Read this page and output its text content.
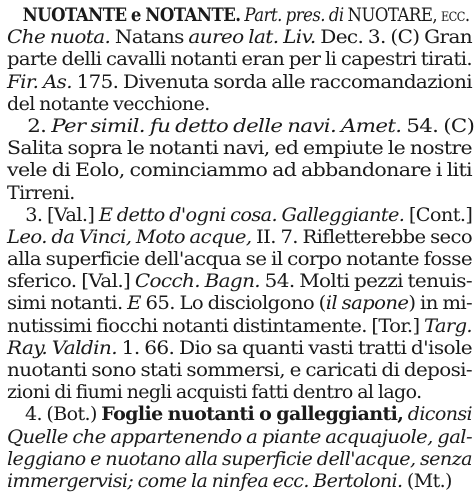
NUOTANTE e NOTANTE. Part. pres. di NUOTARE, ecc.
Che nuota. Natans aureo lat. Liv. Dec. 3. (C) Gran
parte delli cavalli notanti eran per li capestri tirati.
Fir. As. 175. Divenuta sorda alle raccomandazioni
del notante vecchione.
2. Per simil. fu detto delle navi. Amet. 54. (C)
Salita sopra le notanti navi, ed empiute le nostre
vele di Eolo, cominciammo ad abbandonare i liti
Tirreni.
3. [Val.] E detto d'ogni cosa. Galleggiante. [Cont.]
Leo. da Vinci, Moto acque, II. 7. Rifletterebbe seco
alla superficie dell'acqua se il corpo notante fosse
sferico. [Val.] Cocch. Bagn. 54. Molti pezzi tenuis-
simi notanti. E 65. Lo disciolgono (il sapone) in mi-
nutissimi fiocchi notanti distintamente. [Tor.] Targ.
Ray. Valdin. 1. 66. Dio sa quanti vasti tratti d'isole
nuotanti sono stati sommersi, e caricati di deposi-
zioni di fiumi negli acquisti fatti dentro al lago.
4. (Bot.) Foglie nuotanti o galleggianti, diconsi
Quelle che appartenendo a piante acquajuole, gal-
leggiano e nuotano alla superficie dell'acque, senza
immergervisi; come la ninfea ecc. Bertoloni. (Mt.)
